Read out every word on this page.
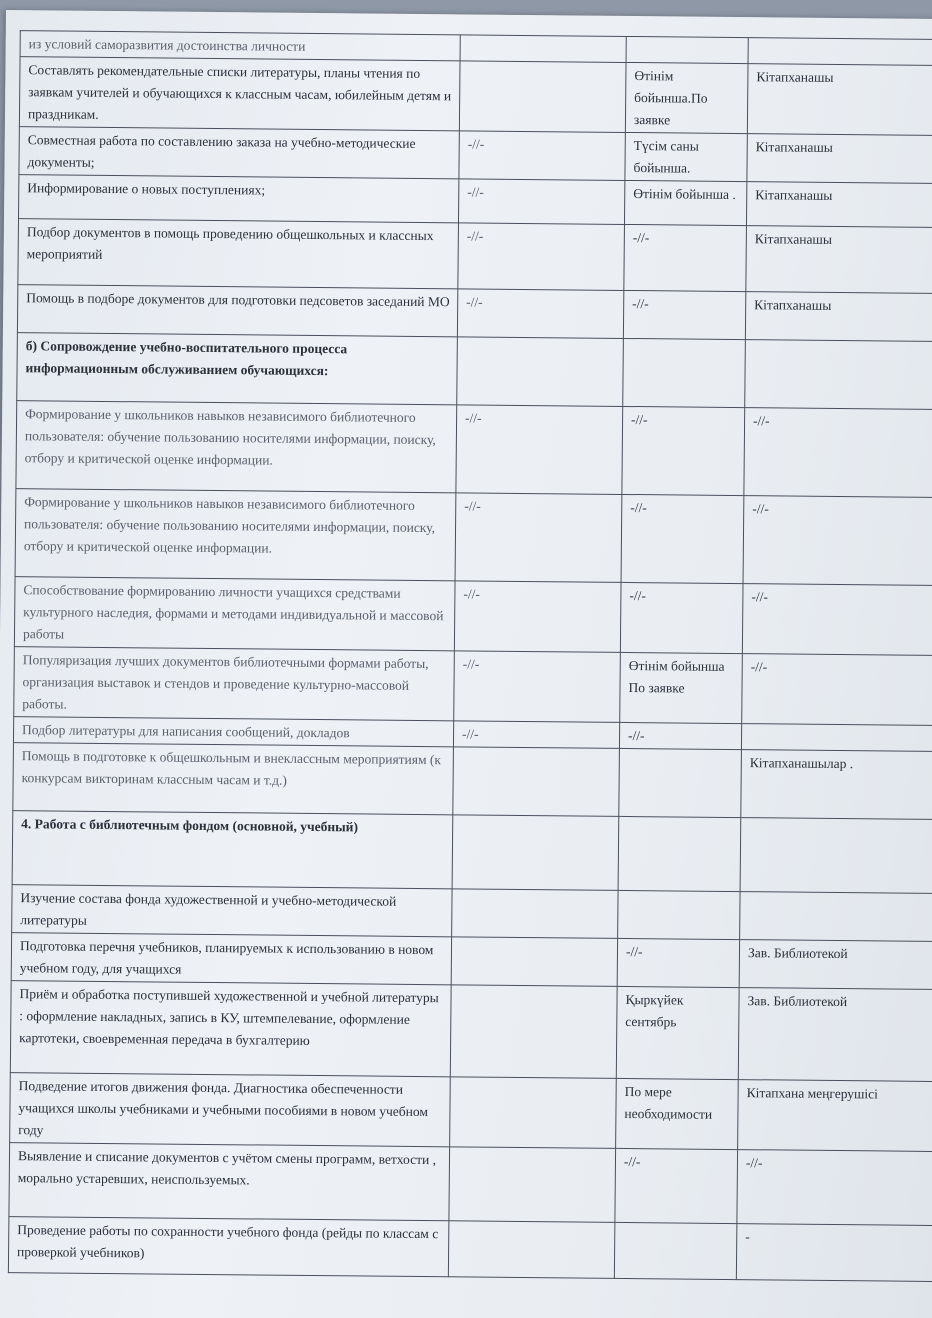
из условий саморазвития достоинства личности			
Составлять рекомендательные списки литературы, планы чтения по заявкам учителей и обучающихся к классным часам, юбилейным детям и праздникам.		Өтінім бойынша.По заявке	Кітапханашы
Совместная работа по составлению заказа на учебно-методические документы;	-//-	Түсім саны бойынша.	Кітапханашы
Информирование о новых поступлениях;	-//-	Өтінім бойынша .	Кітапханашы
Подбор документов в помощь проведению общешкольных и классных мероприятий	-//-	-//-	Кітапханашы
Помощь в подборе документов для подготовки педсоветов заседаний МО	-//-	-//-	Кітапханашы
б) Сопровождение учебно-воспитательного процесса информационным обслуживанием обучающихся:			
Формирование у школьников навыков независимого библиотечного пользователя: обучение пользованию носителями информации, поиску, отбору и критической оценке информации.	-//-	-//-	-//-
Формирование у школьников навыков независимого библиотечного пользователя: обучение пользованию носителями информации, поиску, отбору и критической оценке информации.	-//-	-//-	-//-
Способствование формированию личности учащихся средствами культурного наследия, формами и методами индивидуальной и массовой работы	-//-	-//-	-//-
Популяризация лучших документов библиотечными формами работы, организация выставок и стендов и проведение культурно-массовой работы.	-//-	Өтінім бойынша По заявке	-//-
Подбор литературы для написания сообщений, докладов	-//-	-//-	
Помощь в подготовке к общешкольным и внеклассным мероприятиям (к конкурсам викторинам классным часам и т.д.)			Кітапханашылар .
4. Работа с библиотечным фондом (основной, учебный)			
Изучение состава фонда художественной и учебно-методической литературы			
Подготовка перечня учебников, планируемых к использованию в новом учебном году, для учащихся		-//-	Зав. Библиотекой
Приём и обработка поступившей художественной и учебной литературы : оформление накладных, запись в КУ, штемпелевание, оформление картотеки, своевременная передача в бухгалтерию		Қыркүйек сентябрь	Зав. Библиотекой
Подведение итогов движения фонда. Диагностика обеспеченности учащихся школы учебниками и учебными пособиями в новом учебном году		По мере необходимости	Кітапхана меңгерушісі
Выявление и списание документов с учётом смены программ, ветхости , морально устаревших, неиспользуемых.		-//-	-//-
Проведение работы по сохранности учебного фонда (рейды по классам с проверкой учебников)			-
